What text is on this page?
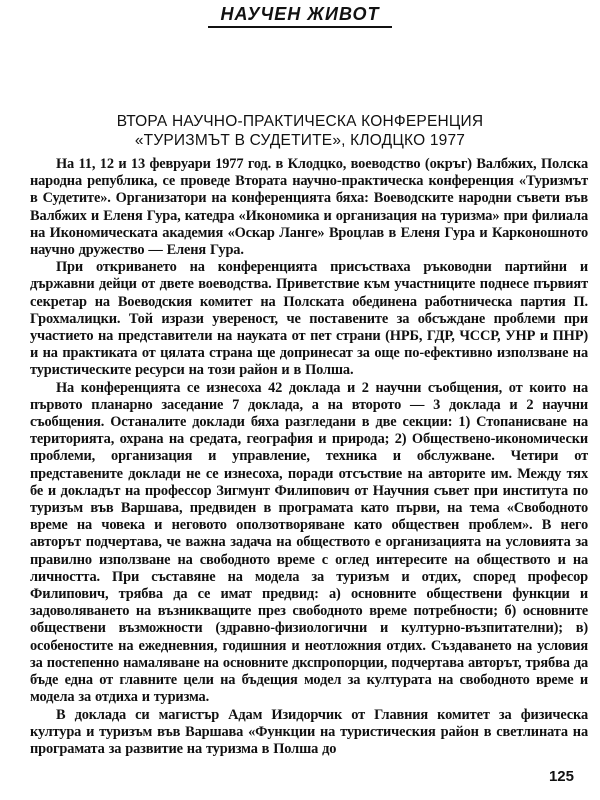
НАУЧЕН ЖИВОТ
ВТОРА НАУЧНО-ПРАКТИЧЕСКА КОНФЕРЕНЦИЯ
«ТУРИЗМЪТ В СУДЕТИТЕ», КЛОДЦКО 1977

На 11, 12 и 13 февруари 1977 год. в Клодцко, воеводство (окръг) Валбжих, Полска народна република, се проведе Втората научно-практическа конференция «Туризмът в Судетите». Организатори на конференцията бяха: Воеводските народни съвети във Валбжих и Еленя Гура, катедра «Икономика и организация на туризма» при филиала на Икономическата академия «Оскар Ланге» Вроцлав в Еленя Гура и Карконошното научно дружество — Еленя Гура.

При откриването на конференцията присъстваха ръководни партийни и държавни дейци от двете воеводства. Приветствие към участниците поднесе първият секретар на Воеводския комитет на Полската обединена работническа партия П. Грохмалицки. Той изрази увереност, че поставените за обсъждане проблеми при участието на представители на науката от пет страни (НРБ, ГДР, ЧССР, УНР и ПНР) и на практиката от цялата страна ще допринесат за още по-ефективно използване на туристическите ресурси на този район и в Полша.

На конференцията се изнесоха 42 доклада и 2 научни съобщения, от които на първото планарно заседание 7 доклада, а на второто — 3 доклада и 2 научни съобщения. Останалите доклади бяха разгледани в две секции: 1) Стопанисване на територията, охрана на средата, география и природа; 2) Обществено-икономически проблеми, организация и управление, техника и обслужване. Четири от представените доклади не се изнесоха, поради отсъствие на авторите им. Между тях бе и докладът на профессор Зигмунт Филипович от Научния съвет при института по туризъм във Варшава, предвиден в програмата като първи, на тема «Свободното време на човека и неговото оползотворяване като обществен проблем». В него авторът подчертава, че важна задача на обществото е организацията на условията за правилно използване на свободното време с оглед интересите на обществото и на личността. При съставяне на модела за туризъм и отдих, според професор Филипович, трябва да се имат предвид: а) основните обществени функции и задоволяването на възникващите през свободното време потребности; б) основните обществени възможности (здравно-физиологични и културно-възпитателни); в) особеностите на ежедневния, годишния и неотложния отдих. Създаването на условия за постепенно намаляване на основните дкспропорции, подчертава авторът, трябва да бъде една от главните цели на бъдещия модел за културата на свободното време и модела за отдиха и туризма.

В доклада си магистър Адам Изидорчик от Главния комитет за физическа култура и туризъм във Варшава «Функции на туристическия район в светлината на програмата за развитие на туризма в Полша до

125
